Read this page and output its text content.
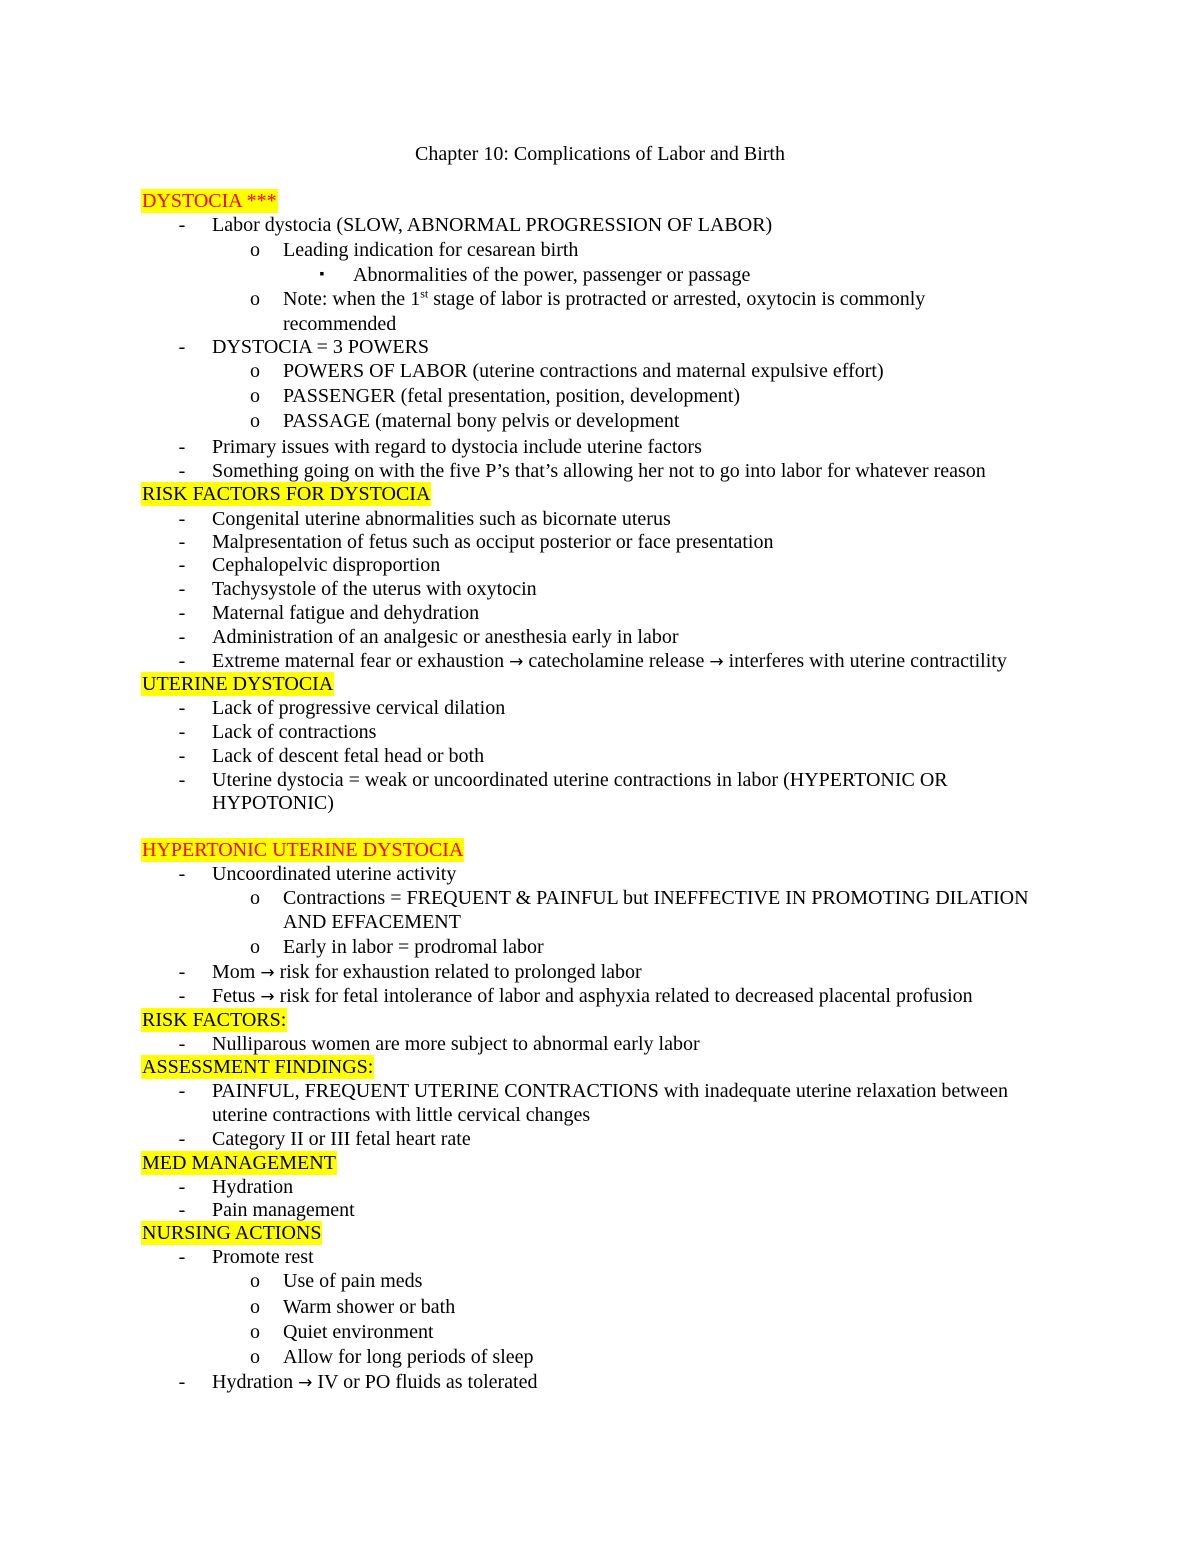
Chapter 10: Complications of Labor and Birth
DYSTOCIA ***
- Labor dystocia (SLOW, ABNORMAL PROGRESSION OF LABOR)
o Leading indication for cesarean birth
▪ Abnormalities of the power, passenger or passage
o Note: when the 1st stage of labor is protracted or arrested, oxytocin is commonly
recommended
- DYSTOCIA = 3 POWERS
o POWERS OF LABOR (uterine contractions and maternal expulsive effort)
o PASSENGER (fetal presentation, position, development)
o PASSAGE (maternal bony pelvis or development
- Primary issues with regard to dystocia include uterine factors
- Something going on with the five P’s that’s allowing her not to go into labor for whatever reason
RISK FACTORS FOR DYSTOCIA
- Congenital uterine abnormalities such as bicornate uterus
- Malpresentation of fetus such as occiput posterior or face presentation
- Cephalopelvic disproportion
- Tachysystole of the uterus with oxytocin
- Maternal fatigue and dehydration
- Administration of an analgesic or anesthesia early in labor
- Extreme maternal fear or exhaustion → catecholamine release → interferes with uterine contractility
UTERINE DYSTOCIA
- Lack of progressive cervical dilation
- Lack of contractions
- Lack of descent fetal head or both
- Uterine dystocia = weak or uncoordinated uterine contractions in labor (HYPERTONIC OR
HYPOTONIC)
HYPERTONIC UTERINE DYSTOCIA
- Uncoordinated uterine activity
o Contractions = FREQUENT & PAINFUL but INEFFECTIVE IN PROMOTING DILATION
AND EFFACEMENT
o Early in labor = prodromal labor
- Mom → risk for exhaustion related to prolonged labor
- Fetus → risk for fetal intolerance of labor and asphyxia related to decreased placental profusion
RISK FACTORS:
- Nulliparous women are more subject to abnormal early labor
ASSESSMENT FINDINGS:
- PAINFUL, FREQUENT UTERINE CONTRACTIONS with inadequate uterine relaxation between
uterine contractions with little cervical changes
- Category II or III fetal heart rate
MED MANAGEMENT
- Hydration
- Pain management
NURSING ACTIONS
- Promote rest
o Use of pain meds
o Warm shower or bath
o Quiet environment
o Allow for long periods of sleep
- Hydration → IV or PO fluids as tolerated
